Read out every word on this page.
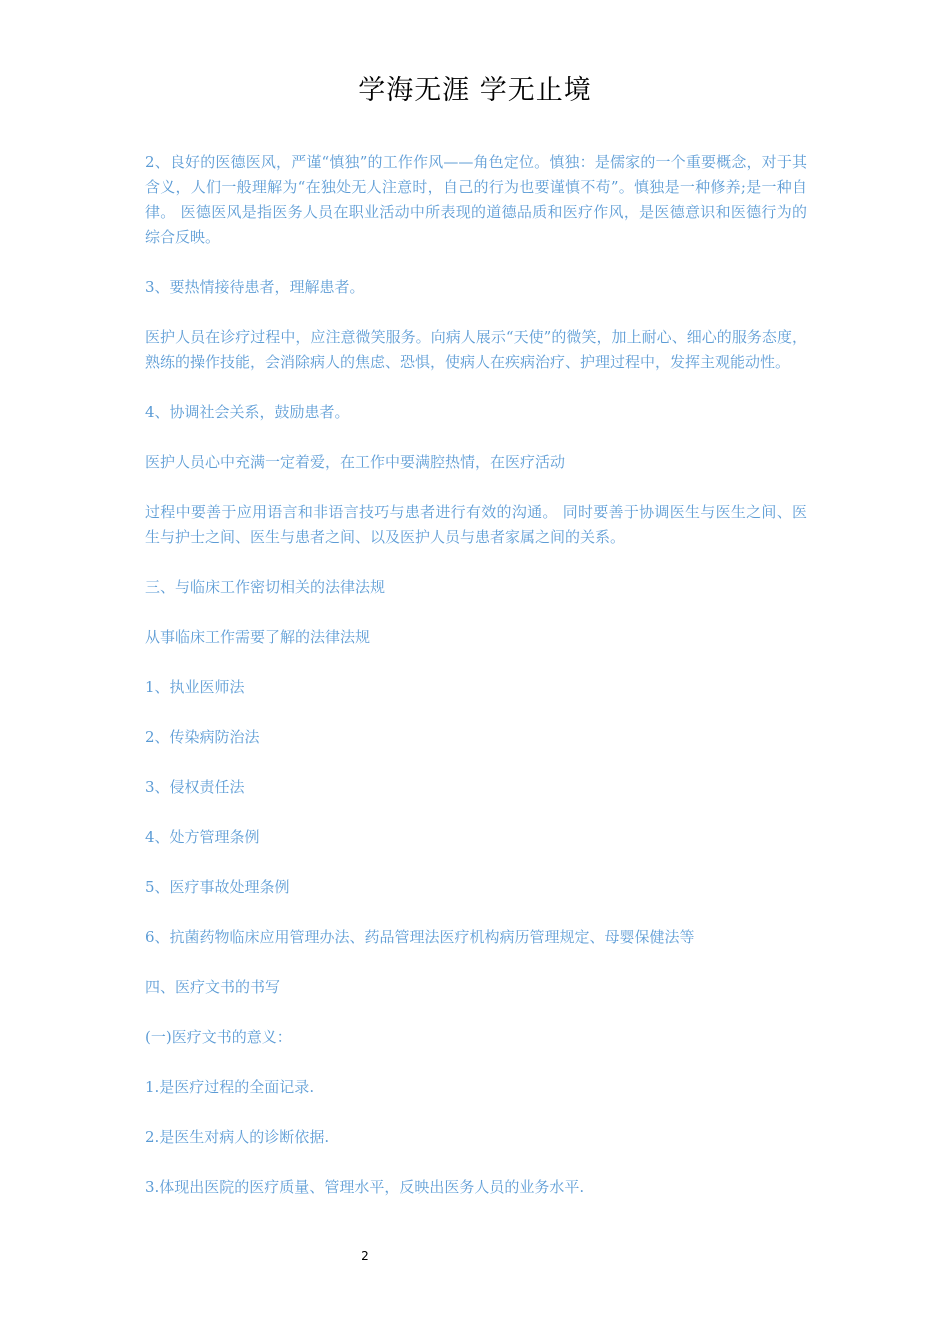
学海无涯 学无止境

2、良好的医德医风，严谨“慎独”的工作作风——角色定位。慎独：是儒家的一个重要概念，对于其含义，人们一般理解为“在独处无人注意时，自己的行为也要谨慎不苟”。慎独是一种修养;是一种自律。 医德医风是指医务人员在职业活动中所表现的道德品质和医疗作风，是医德意识和医德行为的综合反映。

3、要热情接待患者，理解患者。

医护人员在诊疗过程中，应注意微笑服务。向病人展示“天使”的微笑，加上耐心、细心的服务态度，熟练的操作技能，会消除病人的焦虑、恐惧，使病人在疾病治疗、护理过程中，发挥主观能动性。

4、协调社会关系，鼓励患者。

医护人员心中充满一定着爱，在工作中要满腔热情，在医疗活动

过程中要善于应用语言和非语言技巧与患者进行有效的沟通。 同时要善于协调医生与医生之间、医生与护士之间、医生与患者之间、以及医护人员与患者家属之间的关系。

三、与临床工作密切相关的法律法规

从事临床工作需要了解的法律法规

1、执业医师法

2、传染病防治法

3、侵权责任法

4、处方管理条例

5、医疗事故处理条例

6、抗菌药物临床应用管理办法、药品管理法医疗机构病历管理规定、母婴保健法等

四、医疗文书的书写

(一)医疗文书的意义：

1.是医疗过程的全面记录.

2.是医生对病人的诊断依据.

3.体现出医院的医疗质量、管理水平，反映出医务人员的业务水平.

2
